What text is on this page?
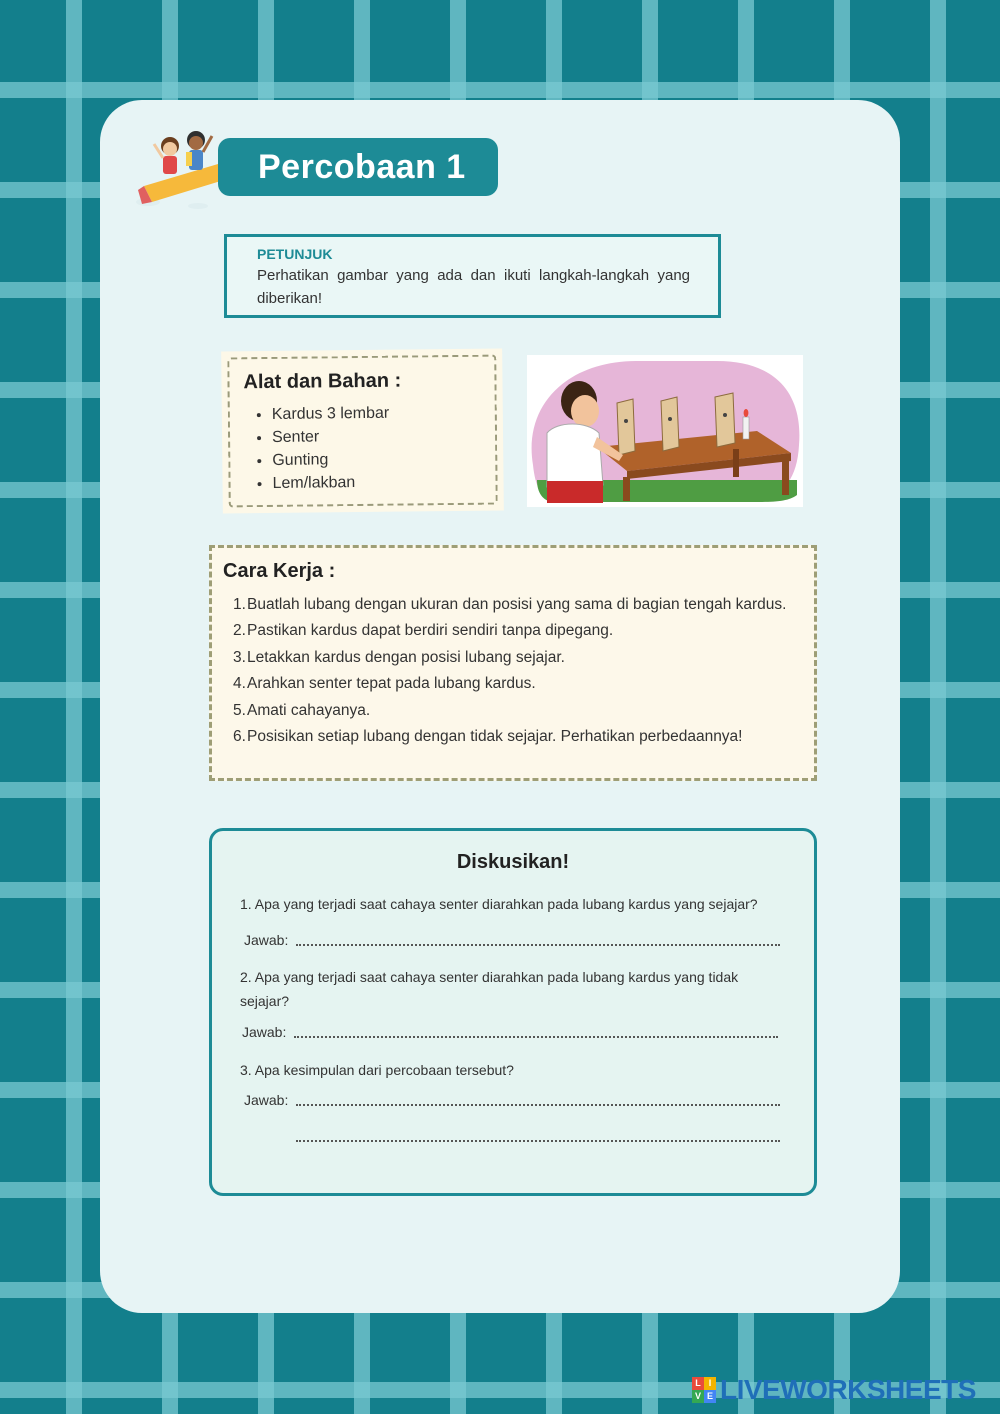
Percobaan 1
PETUNJUK
Perhatikan gambar yang ada dan ikuti langkah-langkah yang diberikan!
Alat dan Bahan :
• Kardus 3 lembar
• Senter
• Gunting
• Lem/lakban
Cara Kerja :
1. Buatlah lubang dengan ukuran dan posisi yang sama di bagian tengah kardus.
2. Pastikan kardus dapat berdiri sendiri tanpa dipegang.
3. Letakkan kardus dengan posisi lubang sejajar.
4. Arahkan senter tepat pada lubang kardus.
5. Amati cahayanya.
6. Posisikan setiap lubang dengan tidak sejajar. Perhatikan perbedaannya!
Diskusikan!
1. Apa yang terjadi saat cahaya senter diarahkan pada lubang kardus yang sejajar?
Jawab:
2. Apa yang terjadi saat cahaya senter diarahkan pada lubang kardus yang tidak sejajar?
Jawab:
3. Apa kesimpulan dari percobaan tersebut?
Jawab:
L I
V E LIVEWORKSHEETS
